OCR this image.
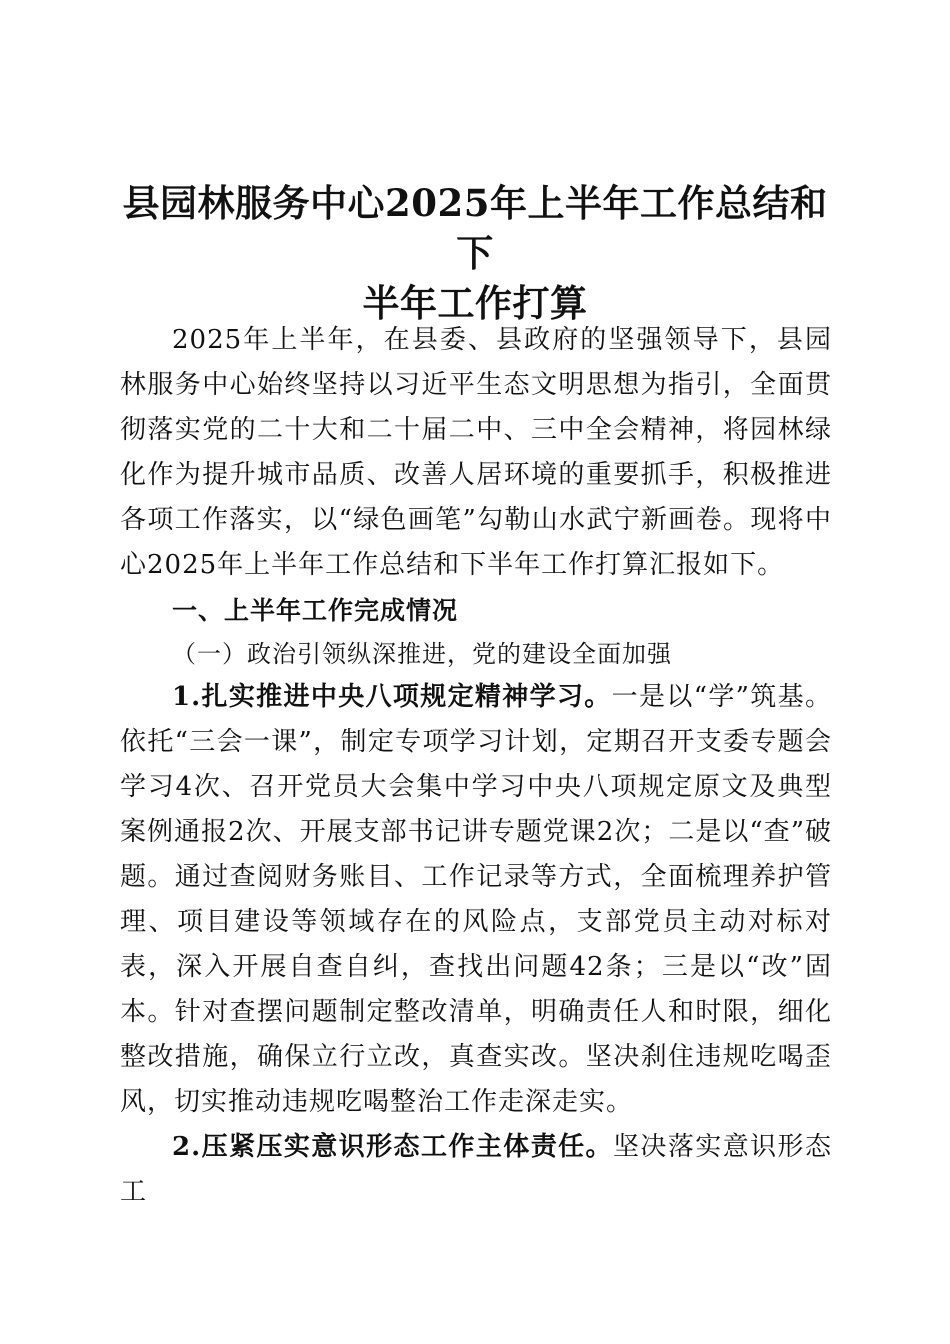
县园林服务中心2025年上半年工作总结和下
半年工作打算

2025年上半年，在县委、县政府的坚强领导下，县园林服务中心始终坚持以习近平生态文明思想为指引，全面贯彻落实党的二十大和二十届二中、三中全会精神，将园林绿化作为提升城市品质、改善人居环境的重要抓手，积极推进各项工作落实，以“绿色画笔”勾勒山水武宁新画卷。现将中心2025年上半年工作总结和下半年工作打算汇报如下。

一、上半年工作完成情况

（一）政治引领纵深推进，党的建设全面加强

1.扎实推进中央八项规定精神学习。一是以“学”筑基。依托“三会一课”，制定专项学习计划，定期召开支委专题会学习4次、召开党员大会集中学习中央八项规定原文及典型案例通报2次、开展支部书记讲专题党课2次；二是以“查”破题。通过查阅财务账目、工作记录等方式，全面梳理养护管理、项目建设等领域存在的风险点，支部党员主动对标对表，深入开展自查自纠，查找出问题42条；三是以“改”固本。针对查摆问题制定整改清单，明确责任人和时限，细化整改措施，确保立行立改，真查实改。坚决刹住违规吃喝歪风，切实推动违规吃喝整治工作走深走实。

2.压紧压实意识形态工作主体责任。坚决落实意识形态工
